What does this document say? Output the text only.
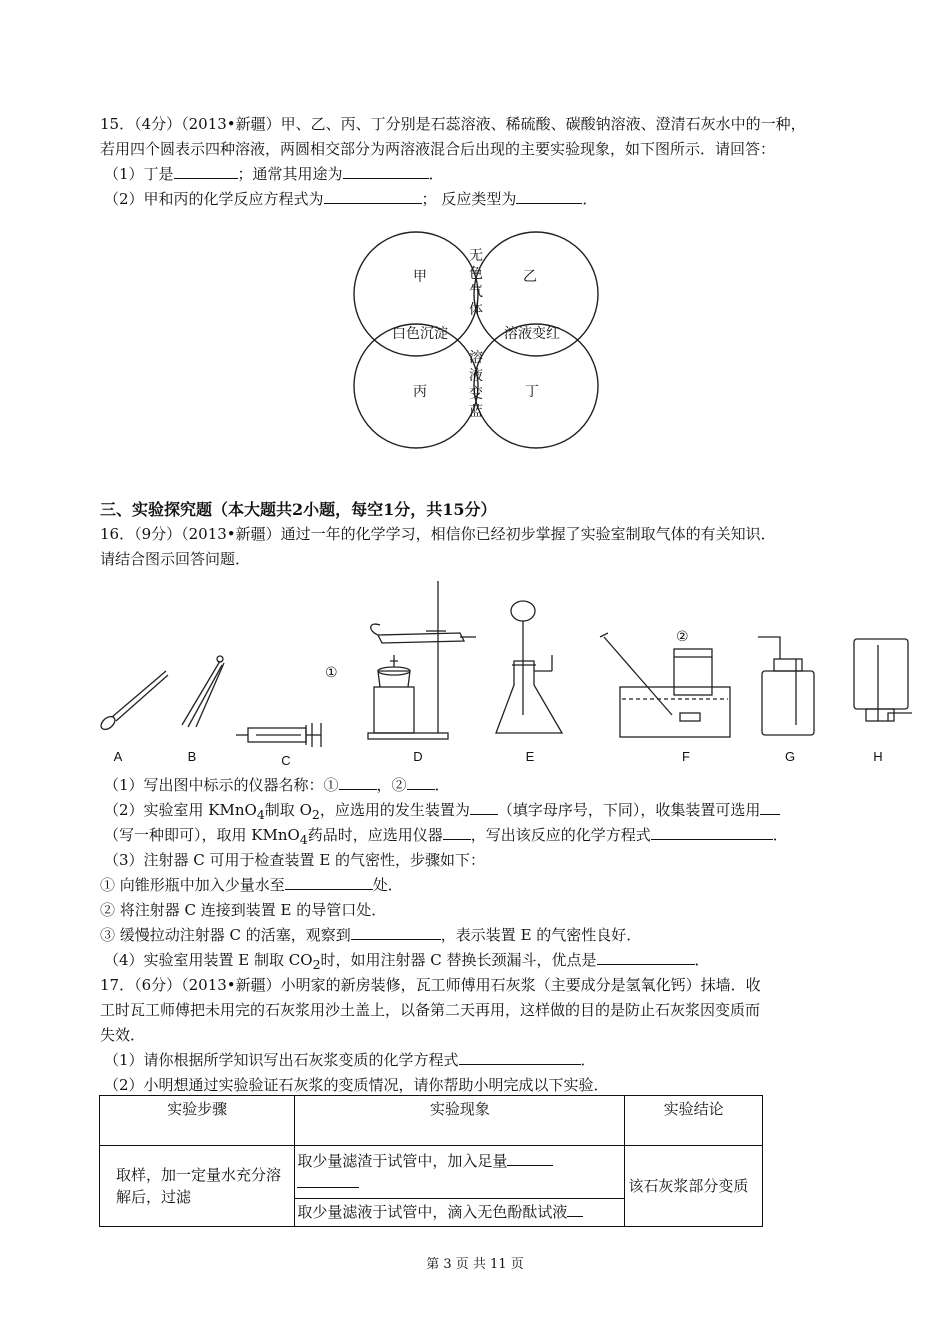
15．（4分）（2013•新疆）甲、乙、丙、丁分别是石蕊溶液、稀硫酸、碳酸钠溶液、澄清石灰水中的一种，
若用四个圆表示四种溶液，两圆相交部分为两溶液混合后出现的主要实验现象，如下图所示．请回答：
（1）丁是	；通常其用途为	．
（2）甲和丙的化学反应方程式为	； 反应类型为	．
甲	乙
丙	丁
无
色
气
体
白色沉淀	溶液变红
溶
液
变
蓝
三、实验探究题（本大题共2小题，每空1分，共15分）
16．（9分）（2013•新疆）通过一年的化学学习，相信你已经初步掌握了实验室制取气体的有关知识．
请结合图示回答问题．
①
②
A	B	C	D	E	F	G	H
（1）写出图中标示的仪器名称：①	，② ．
（2）实验室用 KMnO$_4$制取 $O_2$，应选用的发生装置为 （填字母序号，下同），收集装置可选用
（写一种即可），取用 KMnO$_4$药品时，应选用仪器 ，写出该反应的化学方程式	．
（3）注射器 C 可用于检查装置 E 的气密性，步骤如下：
① 向锥形瓶中加入少量水至	处．
② 将注射器 C 连接到装置 E 的导管口处．
③ 缓慢拉动注射器 C 的活塞，观察到	，表示装置 E 的气密性良好．
（4）实验室用装置 E 制取 $CO_2$时，如用注射器 C 替换长颈漏斗，优点是	．
17．（6分）（2013•新疆）小明家的新房装修，瓦工师傅用石灰浆（主要成分是氢氧化钙）抹墙．收
工时瓦工师傅把未用完的石灰浆用沙土盖上，以备第二天再用，这样做的目的是防止石灰浆因变质而
失效．
（1）请你根据所学知识写出石灰浆变质的化学方程式	．
（2）小明想通过实验验证石灰浆的变质情况，请你帮助小明完成以下实验．
实验步骤	实验现象	实验结论
取样，加一定量水充分溶解后，过滤	取少量滤渣于试管中，加入足量	该石灰浆部分变质
	取少量滤液于试管中，滴入无色酚酞试液	
第 3 页 共 11 页
